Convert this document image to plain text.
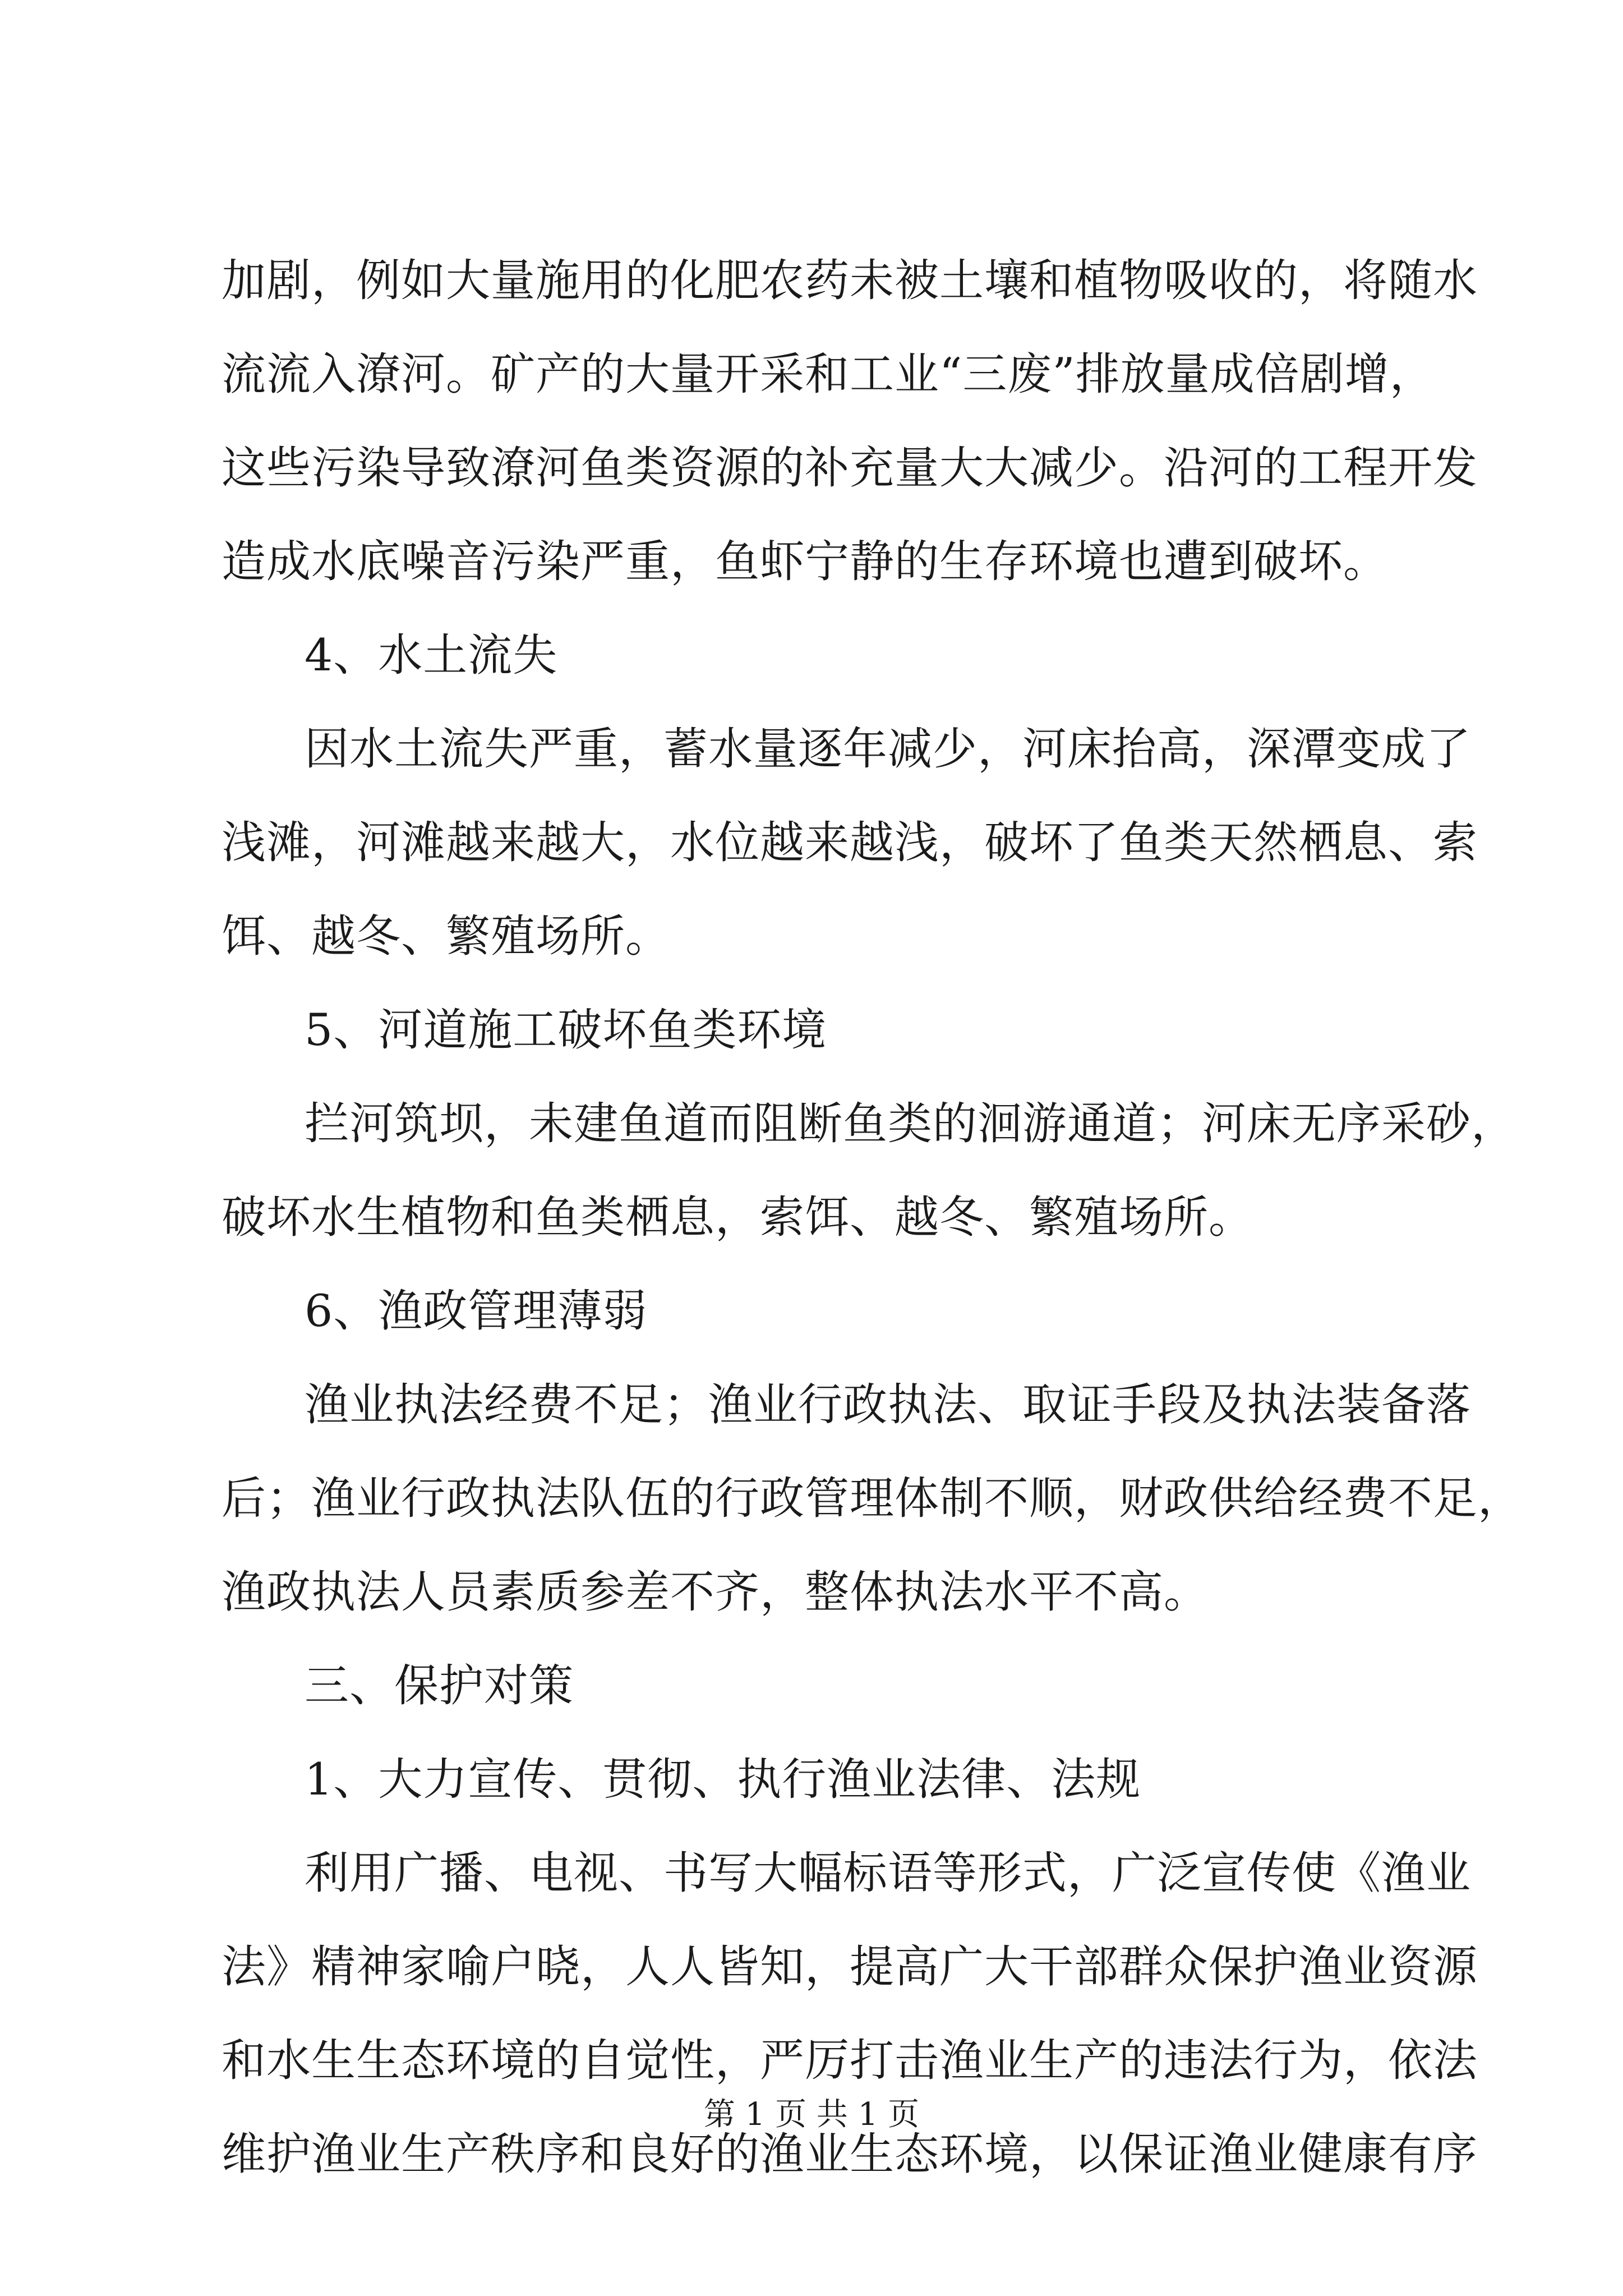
加剧，例如大量施用的化肥农药未被土壤和植物吸收的，将随水
流流入潦河。矿产的大量开采和工业“三废”排放量成倍剧增，
这些污染导致潦河鱼类资源的补充量大大减少。沿河的工程开发
造成水底噪音污染严重，鱼虾宁静的生存环境也遭到破坏。
4、水土流失
因水土流失严重，蓄水量逐年减少，河床抬高，深潭变成了
浅滩，河滩越来越大，水位越来越浅，破坏了鱼类天然栖息、索
饵、越冬、繁殖场所。
5、河道施工破坏鱼类环境
拦河筑坝，未建鱼道而阻断鱼类的洄游通道；河床无序采砂，
破坏水生植物和鱼类栖息，索饵、越冬、繁殖场所。
6、渔政管理薄弱
渔业执法经费不足；渔业行政执法、取证手段及执法装备落
后；渔业行政执法队伍的行政管理体制不顺，财政供给经费不足，
渔政执法人员素质参差不齐，整体执法水平不高。
三、保护对策
1、大力宣传、贯彻、执行渔业法律、法规
利用广播、电视、书写大幅标语等形式，广泛宣传使《渔业
法》精神家喻户晓，人人皆知，提高广大干部群众保护渔业资源
和水生生态环境的自觉性，严厉打击渔业生产的违法行为，依法
维护渔业生产秩序和良好的渔业生态环境，以保证渔业健康有序
第 1 页 共 1 页
